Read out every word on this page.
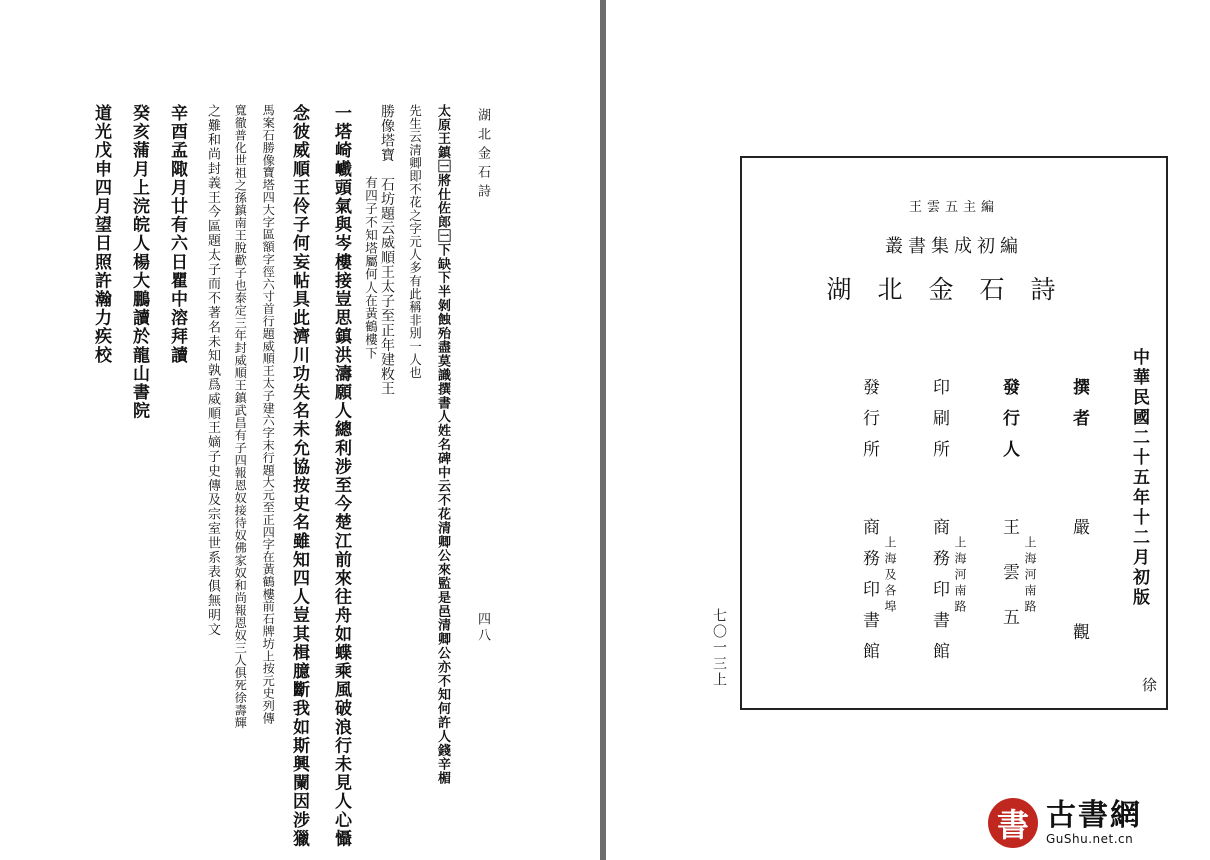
湖北金石詩
四八
太原王鎮🈩將仕佐郎🈩下缺下半剝蝕殆盡莫識撰書人姓名碑中云不花清卿公來監是邑清卿公亦不知何許人錢辛楣
先生云清卿即不花之字元人多有此稱非別一人也
勝像塔寶　石坊題云威順王太子至正年建敉王
有四子不知塔屬何人在黃鶴樓下
一塔崎巇頭氣與岑樓接豈思鎮洪濤願人總利涉至今楚江前來往舟如蝶乘風破浪行未見人心懾
念彼威順王伶子何妄帖具此濟川功失名未允協按史名雖知四人豈其楫臆斷我如斯興闌因涉獵
馬案石勝像寶塔四大字區額字徑六寸首行題威順王太子建六字末行題大元至正四字在黃鶴樓前石牌坊上按元史列傳
寬徹普化世祖之孫鎮南王脫歡子也泰定三年封威順王鎮武昌有子四報恩奴接待奴佛家奴和尚報恩奴三人俱死徐壽輝
之難和尚封義王今區題太子而不著名未知孰爲威順王嫡子史傳及宗室世系表俱無明文
辛酉孟陬月廿有六日瞿中溶拜讀
癸亥蒲月上浣皖人楊大鵬讀於龍山書院
道光戊申四月望日照許瀚力疾校	王雲五主編
叢書集成初編
湖北金石詩
中華民國二十五年十二月初版
撰者
發行人
印刷所
發行所
上海河南路
上海河南路
上海及各埠	嚴觀
王雲五
商務印書館
商務印書館
徐
七〇一三上
書 古書網
GuShu.net.cn
